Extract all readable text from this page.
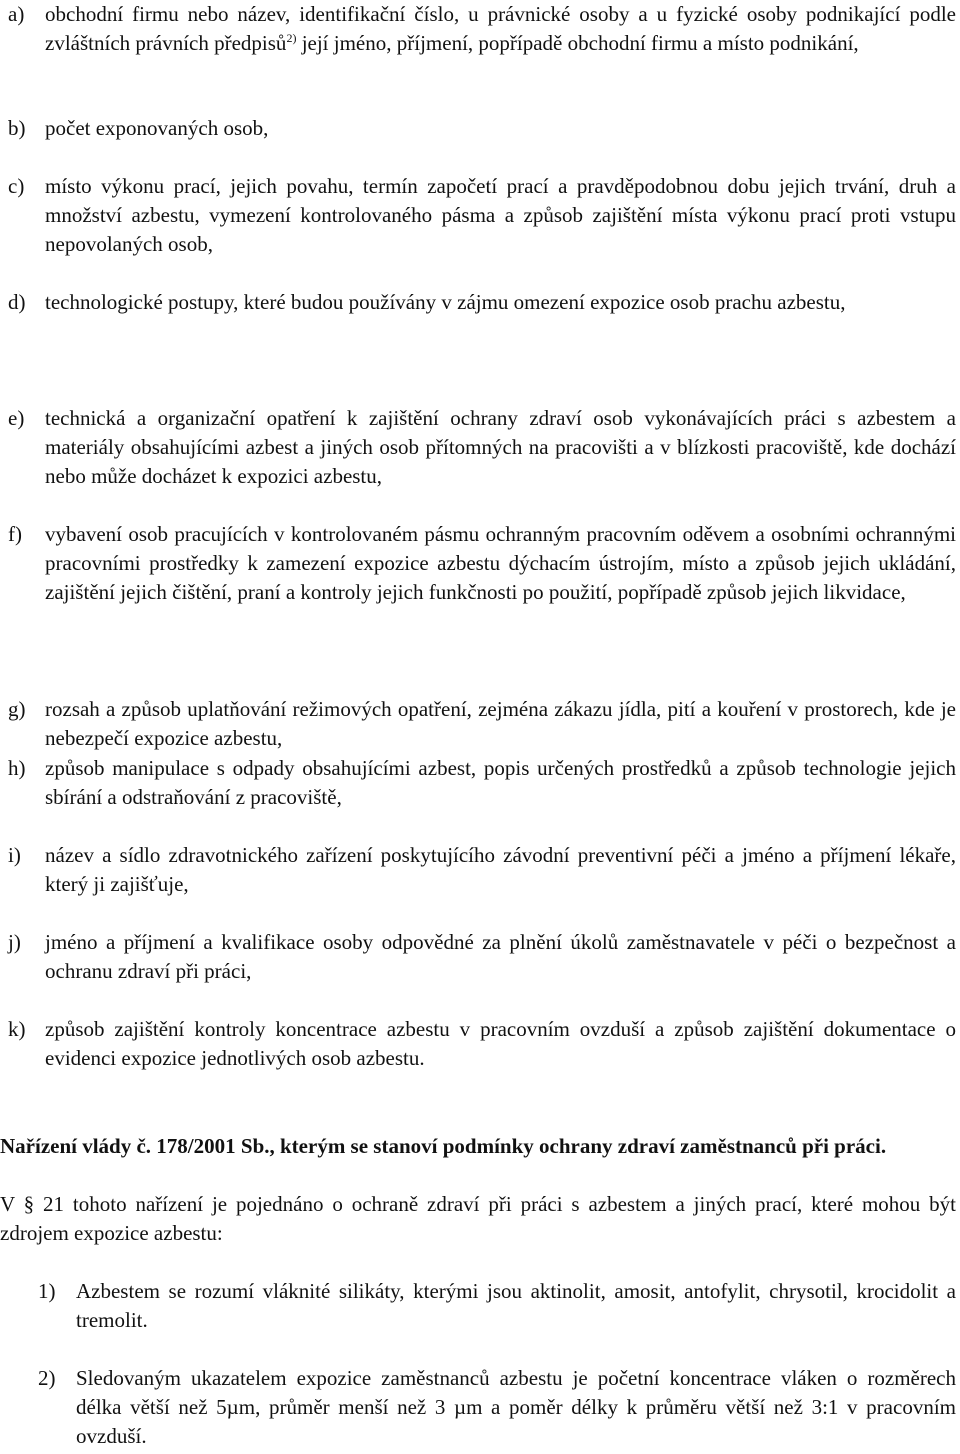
a) obchodní firmu nebo název, identifikační číslo, u právnické osoby a u fyzické osoby podnikající podle zvláštních právních předpisů$^{2)}$ její jméno, příjmení, popřípadě obchodní firmu a místo podnikání,
b) počet exponovaných osob,
c) místo výkonu prací, jejich povahu, termín započetí prací a pravděpodobnou dobu jejich trvání, druh a množství azbestu, vymezení kontrolovaného pásma a způsob zajištění místa výkonu prací proti vstupu nepovolaných osob,
d) technologické postupy, které budou používány v zájmu omezení expozice osob prachu azbestu,
e) technická a organizační opatření k zajištění ochrany zdraví osob vykonávajících práci s azbestem a materiály obsahujícími azbest a jiných osob přítomných na pracovišti a v blízkosti pracoviště, kde dochází nebo může docházet k expozici azbestu,
f)	vybavení osob pracujících v kontrolovaném pásmu ochranným pracovním oděvem a osobními ochrannými pracovními prostředky k zamezení expozice azbestu dýchacím ústrojím, místo a způsob jejich ukládání, zajištění jejich čištění, praní a kontroly jejich funkčnosti po použití, popřípadě způsob jejich likvidace,
g) rozsah a způsob uplatňování režimových opatření, zejména zákazu jídla, pití a kouření v prostorech, kde je nebezpečí expozice azbestu,
h) způsob manipulace s odpady obsahujícími azbest, popis určených prostředků a způsob technologie jejich sbírání a odstraňování z pracoviště,
i)	název a sídlo zdravotnického zařízení poskytujícího závodní preventivní péči a jméno a příjmení lékaře, který ji zajišťuje,
j)	jméno a příjmení a kvalifikace osoby odpovědné za plnění úkolů zaměstnavatele v péči o bezpečnost a ochranu zdraví při práci,
k) způsob zajištění kontroly koncentrace azbestu v pracovním ovzduší a způsob zajištění dokumentace o evidenci expozice jednotlivých osob azbestu.
Nařízení vlády č. 178/2001 Sb., kterým se stanoví podmínky ochrany zdraví zaměstnanců při práci.
V § 21 tohoto nařízení je pojednáno o ochraně zdraví při práci s azbestem a jiných prací, které mohou být zdrojem expozice azbestu:
1) Azbestem se rozumí vláknité silikáty, kterými jsou aktinolit, amosit, antofylit, chrysotil, krocidolit a tremolit.
2) Sledovaným ukazatelem expozice zaměstnanců azbestu je početní koncentrace vláken o rozměrech délka větší než 5µm, průměr menší než 3 µm a poměr délky k průměru větší než 3:1 v pracovním ovzduší.
